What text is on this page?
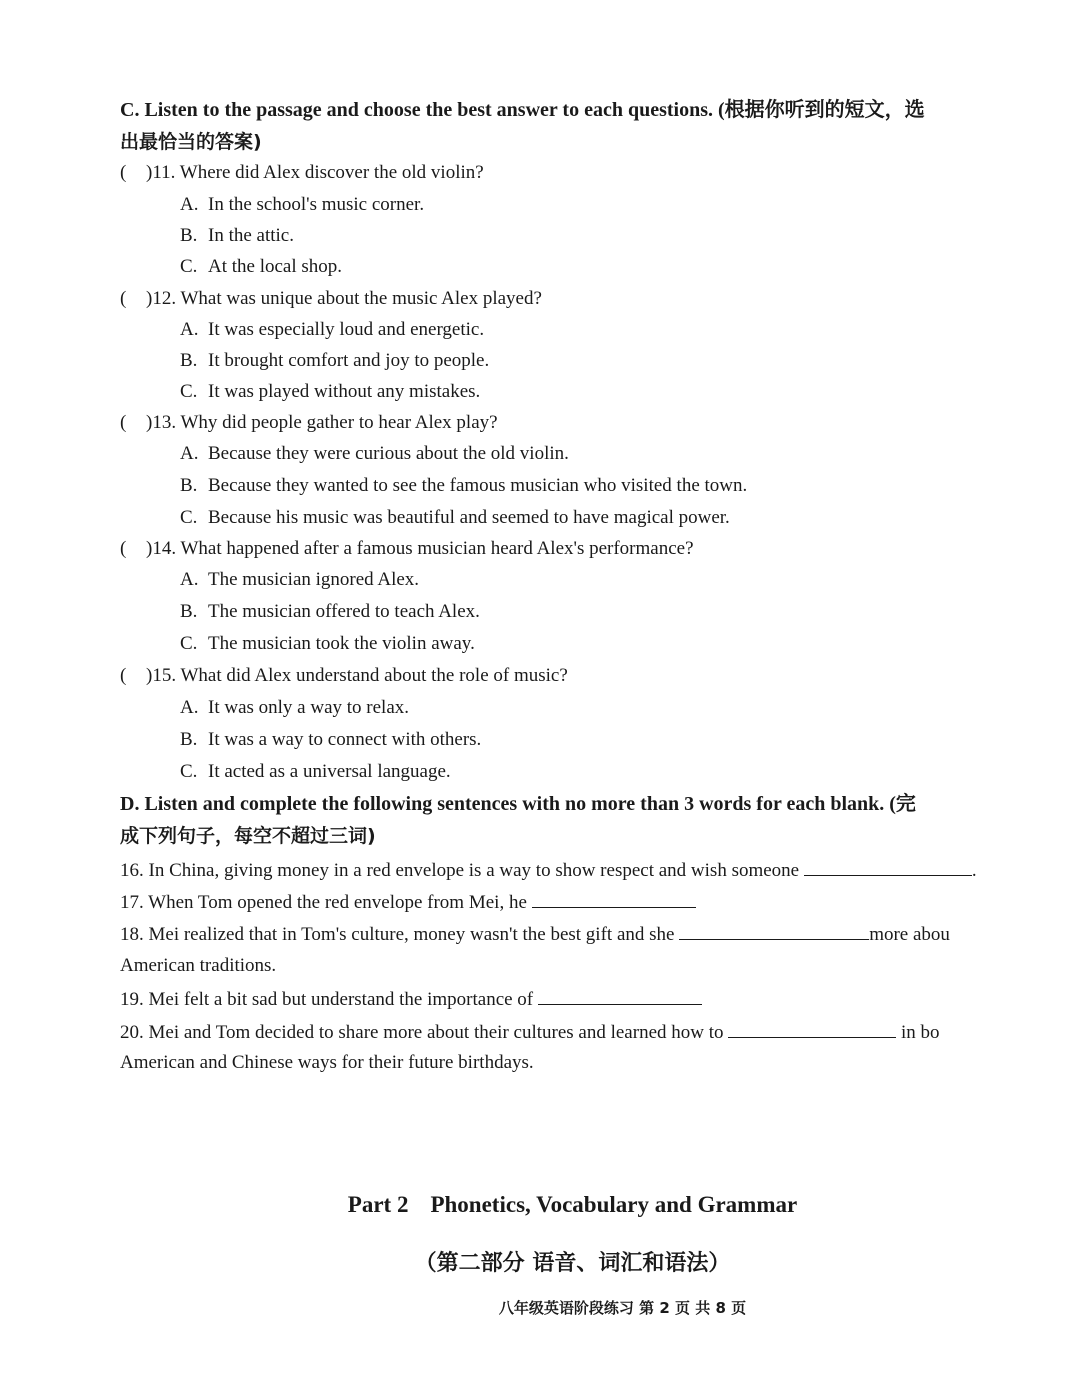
C. Listen to the passage and choose the best answer to each questions. (根据你听到的短文，选
出最恰当的答案)
( )11. Where did Alex discover the old violin?
A. In the school's music corner.
B. In the attic.
C. At the local shop.
( )12. What was unique about the music Alex played?
A. It was especially loud and energetic.
B. It brought comfort and joy to people.
C. It was played without any mistakes.
( )13. Why did people gather to hear Alex play?
A. Because they were curious about the old violin.
B. Because they wanted to see the famous musician who visited the town.
C. Because his music was beautiful and seemed to have magical power.
( )14. What happened after a famous musician heard Alex's performance?
A. The musician ignored Alex.
B. The musician offered to teach Alex.
C. The musician took the violin away.
( )15. What did Alex understand about the role of music?
A. It was only a way to relax.
B. It was a way to connect with others.
C. It acted as a universal language.
D. Listen and complete the following sentences with no more than 3 words for each blank. (完
成下列句子，每空不超过三词)
16. In China, giving money in a red envelope is a way to show respect and wish someone	.
17. When Tom opened the red envelope from Mei, he
18. Mei realized that in Tom's culture, money wasn't the best gift and she	more abou
American traditions.
19. Mei felt a bit sad but understand the importance of
20. Mei and Tom decided to share more about their cultures and learned how to	in bo
American and Chinese ways for their future birthdays.
Part 2 Phonetics, Vocabulary and Grammar
（第二部分 语音、词汇和语法）
八年级英语阶段练习 第 2 页 共 8 页
